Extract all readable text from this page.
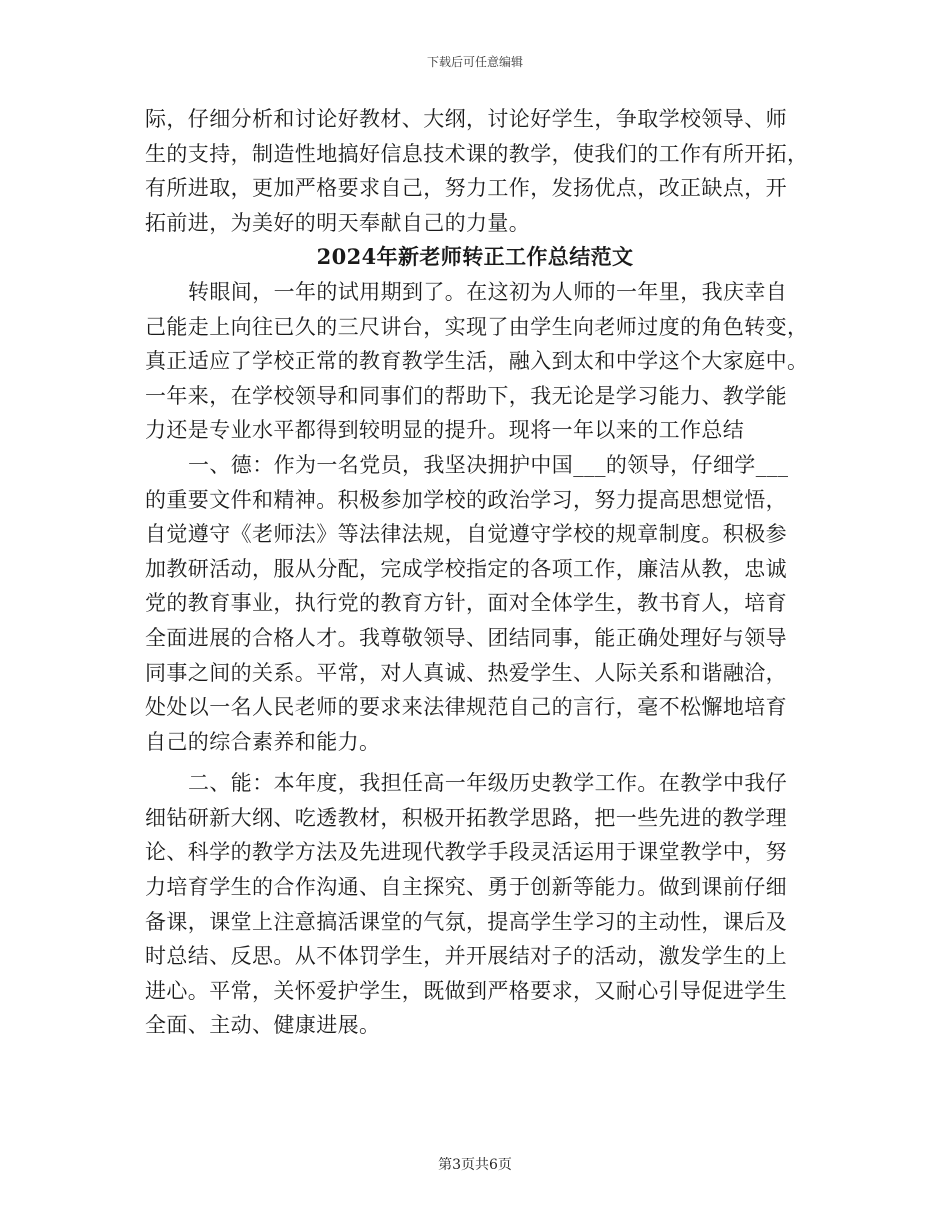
下载后可任意编辑
际，仔细分析和讨论好教材、大纲，讨论好学生，争取学校领导、师
生的支持，制造性地搞好信息技术课的教学，使我们的工作有所开拓，
有所进取，更加严格要求自己，努力工作，发扬优点，改正缺点，开
拓前进，为美好的明天奉献自己的力量。
2024年新老师转正工作总结范文
转眼间，一年的试用期到了。在这初为人师的一年里，我庆幸自
己能走上向往已久的三尺讲台，实现了由学生向老师过度的角色转变，
真正适应了学校正常的教育教学生活，融入到太和中学这个大家庭中。
一年来，在学校领导和同事们的帮助下，我无论是学习能力、教学能
力还是专业水平都得到较明显的提升。现将一年以来的工作总结
一、德：作为一名党员，我坚决拥护中国___的领导，仔细学___
的重要文件和精神。积极参加学校的政治学习，努力提高思想觉悟，
自觉遵守《老师法》等法律法规，自觉遵守学校的规章制度。积极参
加教研活动，服从分配，完成学校指定的各项工作，廉洁从教，忠诚
党的教育事业，执行党的教育方针，面对全体学生，教书育人，培育
全面进展的合格人才。我尊敬领导、团结同事，能正确处理好与领导
同事之间的关系。平常，对人真诚、热爱学生、人际关系和谐融洽，
处处以一名人民老师的要求来法律规范自己的言行，毫不松懈地培育
自己的综合素养和能力。
二、能：本年度，我担任高一年级历史教学工作。在教学中我仔
细钻研新大纲、吃透教材，积极开拓教学思路，把一些先进的教学理
论、科学的教学方法及先进现代教学手段灵活运用于课堂教学中，努
力培育学生的合作沟通、自主探究、勇于创新等能力。做到课前仔细
备课，课堂上注意搞活课堂的气氛，提高学生学习的主动性，课后及
时总结、反思。从不体罚学生，并开展结对子的活动，激发学生的上
进心。平常，关怀爱护学生，既做到严格要求，又耐心引导促进学生
全面、主动、健康进展。
第3页共6页
